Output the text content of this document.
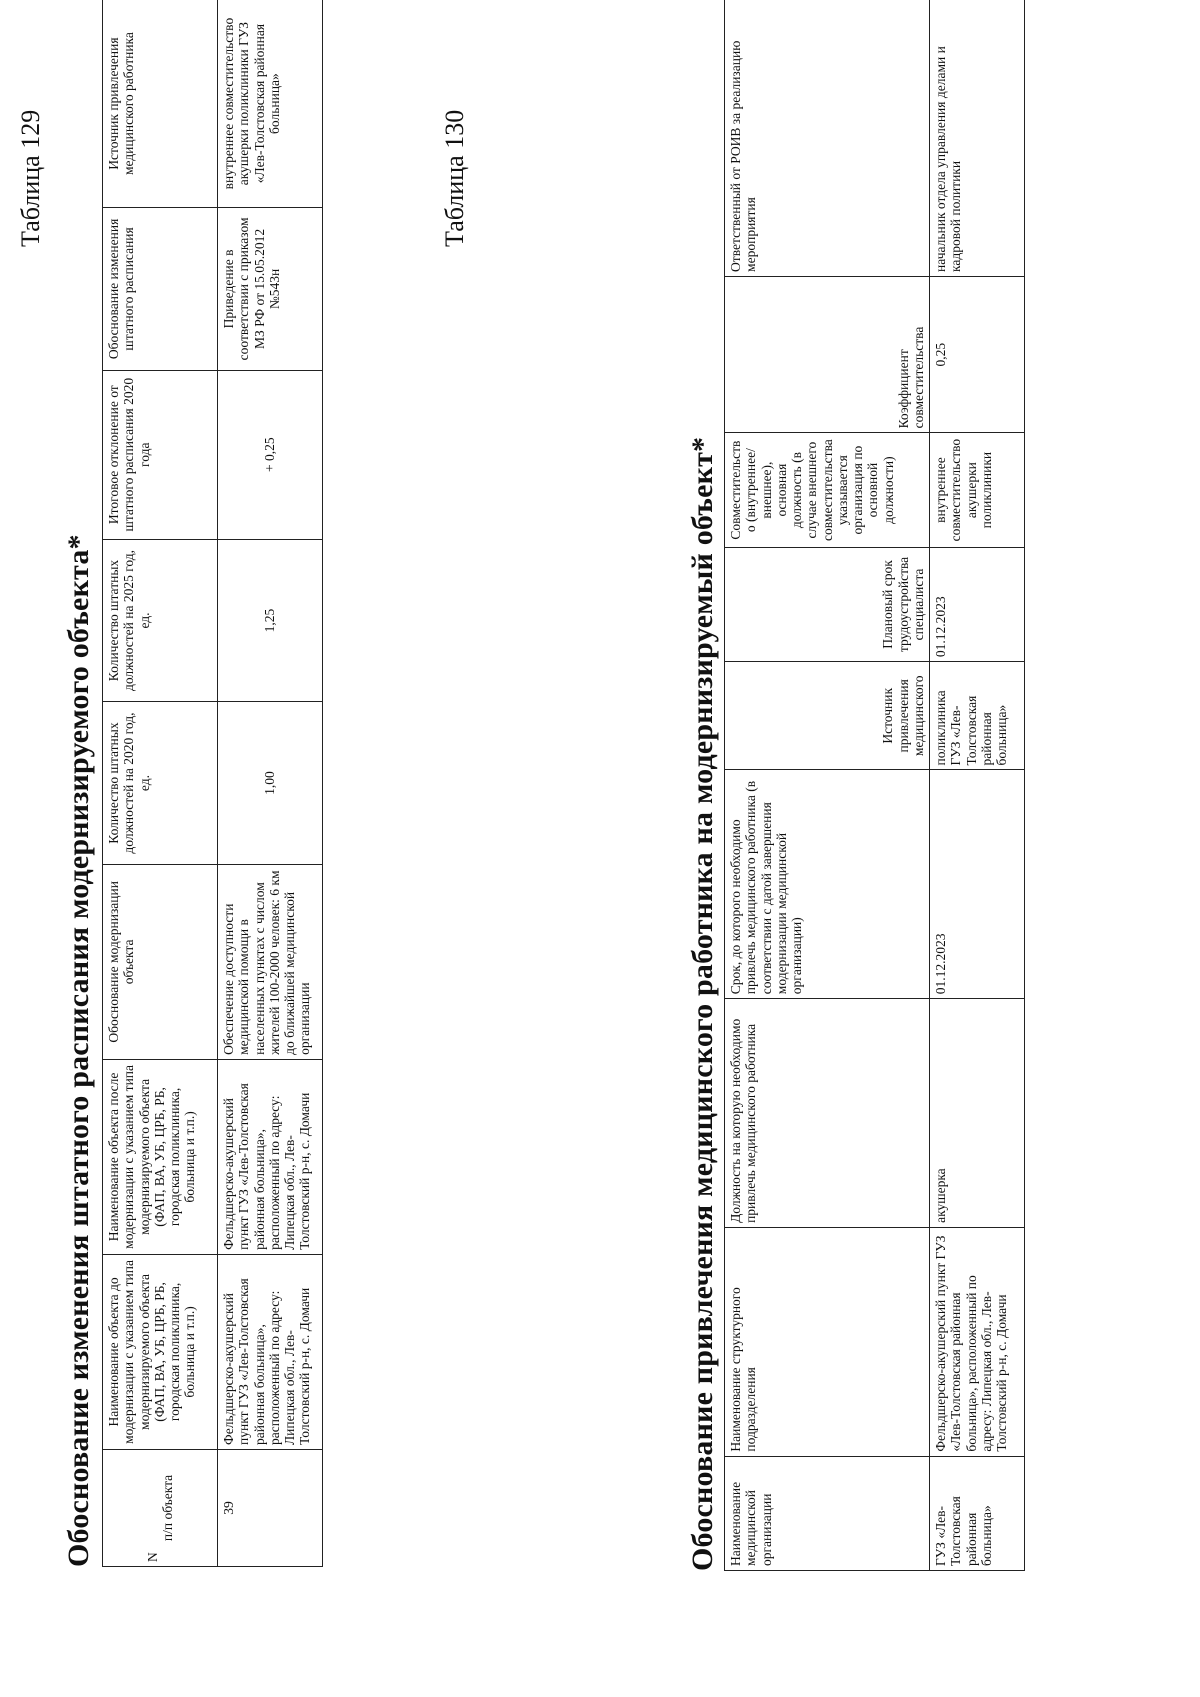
Таблица 129
Обоснование изменения штатного расписания модернизируемого объекта*	N
п/п объекта	Наименование объекта до модернизации с указанием типа модернизируемого объекта (ФАП, ВА, УБ, ЦРБ, РБ, городская поликлиника, больница и т.п.)	Наименование объекта после модернизации с указанием типа модернизируемого объекта (ФАП, ВА, УБ, ЦРБ, РБ, городская поликлиника, больница и т.п.)	Обоснование модернизации объекта	Количество штатных должностей на 2020 год, ед.	Количество штатных должностей на 2025 год, ед.	Итоговое отклонение от штатного расписания 2020 года	Обоснование изменения штатного расписания	Источник привлечения медицинского работника
39	Фельдшерско-акушерский пункт ГУЗ «Лев-Толстовская районная больница», расположенный по адресу: Липецкая обл., Лев-Толстовский р-н, с. Домачи	Фельдшерско-акушерский пункт ГУЗ «Лев-Толстовская районная больница», расположенный по адресу: Липецкая обл., Лев-Толстовский р-н, с. Домачи	Обеспечение доступности медицинской помощи в населенных пунктах с числом жителей 100-2000 человек: 6 км до ближайшей медицинской организации	1,00	1,25	+ 0,25	Приведение в соответствии с приказом МЗ РФ от 15.05.2012 №543н	внутреннее совместительство акушерки поликлиники ГУЗ «Лев-Толстовская районная больница»
Таблица 130
Обоснование привлечения медицинского работника на модернизируемый объект* Наименование медицинской организации	Наименование структурного подразделения	Должность на которую необходимо привлечь медицинского работника	Срок, до которого необходимо привлечь медицинского работника (в соответствии с датой завершения модернизации медицинской организации)	Источник привлечения медицинского	Плановый срок трудоустройства специалиста	Совместительство (внутреннее/внешнее), основная должность (в случае внешнего совместительства указывается организация по основной должности)	Коэффициент совместительства	Ответственный от РОИВ за реализацию мероприятия
ГУЗ «Лев-Толстовская районная больница»	Фельдшерско-акушерский пункт ГУЗ «Лев-Толстовская районная больница», расположенный по адресу: Липецкая обл., Лев-Толстовский р-н, с. Домачи	акушерка	01.12.2023	поликлиника ГУЗ «Лев-Толстовская районная больница»	01.12.2023	внутреннее совместительство акушерки поликлиники	0,25	начальник отдела управления делами и кадровой политики
